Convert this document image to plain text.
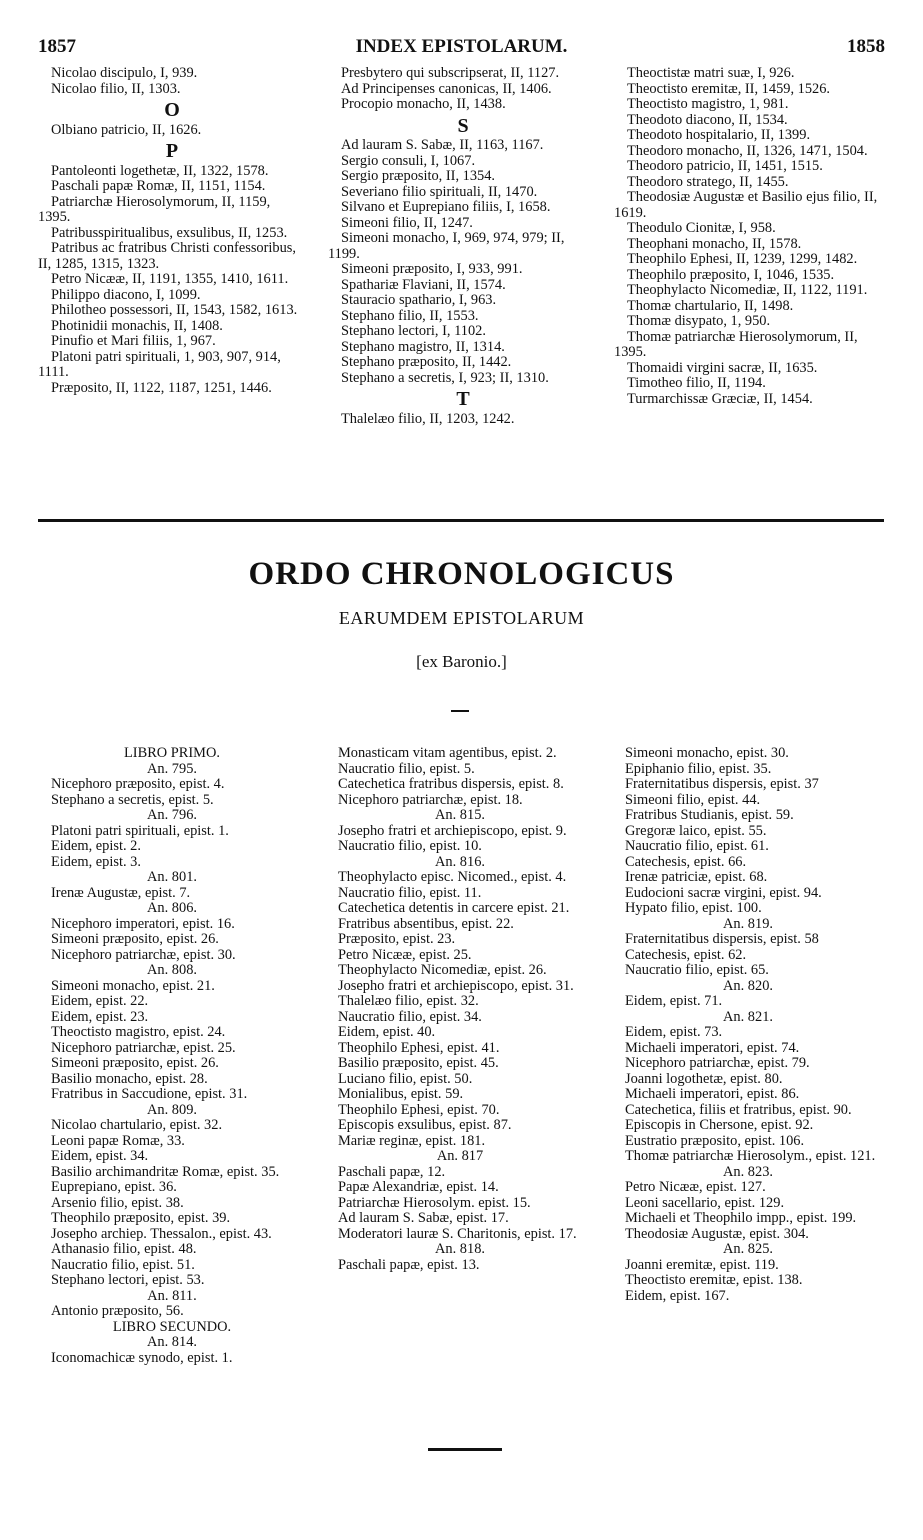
1857	INDEX EPISTOLARUM.	1858

Nicolao discipulo, I, 939.

Nicolao filio, II, 1303.

O

Olbiano patricio, II, 1626.

P

Pantoleonti logethetæ, II, 1322, 1578.

Paschali papæ Romæ, II, 1151, 1154.

Patriarchæ Hierosolymorum, II, 1159, 1395.

Patribusspiritualibus, exsulibus, II, 1253.

Patribus ac fratribus Christi confessoribus, II, 1285, 1315, 1323.

Petro Nicææ, II, 1191, 1355, 1410, 1611.

Philippo diacono, I, 1099.

Philotheo possessori, II, 1543, 1582, 1613.

Photinidii monachis, II, 1408.

Pinufio et Mari filiis, 1, 967.

Platoni patri spirituali, 1, 903, 907, 914, 1111.

Præposito, II, 1122, 1187, 1251, 1446.

Presbytero qui subscripserat, II, 1127.

Ad Principenses canonicas, II, 1406.

Procopio monacho, II, 1438.

S

Ad lauram S. Sabæ, II, 1163, 1167.

Sergio consuli, I, 1067.

Sergio præposito, II, 1354.

Severiano filio spirituali, II, 1470.

Silvano et Euprepiano filiis, I, 1658.

Simeoni filio, II, 1247.

Simeoni monacho, I, 969, 974, 979; II, 1199.

Simeoni præposito, I, 933, 991.

Spathariæ Flaviani, II, 1574.

Stauracio spathario, I, 963.

Stephano filio, II, 1553.

Stephano lectori, I, 1102.

Stephano magistro, II, 1314.

Stephano præposito, II, 1442.

Stephano a secretis, I, 923; II, 1310.

T

Thalelæo filio, II, 1203, 1242.

Theoctistæ matri suæ, I, 926.

Theoctisto eremitæ, II, 1459, 1526.

Theoctisto magistro, 1, 981.

Theodoto diacono, II, 1534.

Theodoto hospitalario, II, 1399.

Theodoro monacho, II, 1326, 1471, 1504.

Theodoro patricio, II, 1451, 1515.

Theodoro stratego, II, 1455.

Theodosiæ Augustæ et Basilio ejus filio, II, 1619.

Theodulo Cionitæ, I, 958.

Theophani monacho, II, 1578.

Theophilo Ephesi, II, 1239, 1299, 1482.

Theophilo præposito, I, 1046, 1535.

Theophylacto Nicomediæ, II, 1122, 1191.

Thomæ chartulario, II, 1498.

Thomæ disypato, 1, 950.

Thomæ patriarchæ Hierosolymorum, II, 1395.

Thomaidi virgini sacræ, II, 1635.

Timotheo filio, II, 1194.

Turmarchissæ Græciæ, II, 1454.

ORDO CHRONOLOGICUS
EARUMDEM EPISTOLARUM
[ex Baronio.]

LIBRO PRIMO.

An. 795.

Nicephoro præposito, epist. 4.

Stephano a secretis, epist. 5.

An. 796.

Platoni patri spirituali, epist. 1.

Eidem, epist. 2.

Eidem, epist. 3.

An. 801.

Irenæ Augustæ, epist. 7.

An. 806.

Nicephoro imperatori, epist. 16.

Simeoni præposito, epist. 26.

Nicephoro patriarchæ, epist. 30.

An. 808.

Simeoni monacho, epist. 21.

Eidem, epist. 22.

Eidem, epist. 23.

Theoctisto magistro, epist. 24.

Nicephoro patriarchæ, epist. 25.

Simeoni præposito, epist. 26.

Basilio monacho, epist. 28.

Fratribus in Saccudione, epist. 31.

An. 809.

Nicolao chartulario, epist. 32.

Leoni papæ Romæ, 33.

Eidem, epist. 34.

Basilio archimandritæ Romæ, epist. 35.

Euprepiano, epist. 36.

Arsenio filio, epist. 38.

Theophilo præposito, epist. 39.

Josepho archiep. Thessalon., epist. 43.

Athanasio filio, epist. 48.

Naucratio filio, epist. 51.

Stephano lectori, epist. 53.

An. 811.

Antonio præposito, 56.

LIBRO SECUNDO.

An. 814.

Iconomachicæ synodo, epist. 1.

Monasticam vitam agentibus, epist. 2.

Naucratio filio, epist. 5.

Catechetica fratribus dispersis, epist. 8.

Nicephoro patriarchæ, epist. 18.

An. 815.

Josepho fratri et archiepiscopo, epist. 9.

Naucratio filio, epist. 10.

An. 816.

Theophylacto episc. Nicomed., epist. 4.

Naucratio filio, epist. 11.

Catechetica detentis in carcere epist. 21.

Fratribus absentibus, epist. 22.

Præposito, epist. 23.

Petro Nicææ, epist. 25.

Theophylacto Nicomediæ, epist. 26.

Josepho fratri et archiepiscopo, epist. 31.

Thalelæo filio, epist. 32.

Naucratio filio, epist. 34.

Eidem, epist. 40.

Theophilo Ephesi, epist. 41.

Basilio præposito, epist. 45.

Luciano filio, epist. 50.

Monialibus, epist. 59.

Theophilo Ephesi, epist. 70.

Episcopis exsulibus, epist. 87.

Mariæ reginæ, epist. 181.

An. 817

Paschali papæ, 12.

Papæ Alexandriæ, epist. 14.

Patriarchæ Hierosolym. epist. 15.

Ad lauram S. Sabæ, epist. 17.

Moderatori lauræ S. Charitonis, epist. 17.

An. 818.

Paschali papæ, epist. 13.

Simeoni monacho, epist. 30.

Epiphanio filio, epist. 35.

Fraternitatibus dispersis, epist. 37

Simeoni filio, epist. 44.

Fratribus Studianis, epist. 59.

Gregoræ laico, epist. 55.

Naucratio filio, epist. 61.

Catechesis, epist. 66.

Irenæ patriciæ, epist. 68.

Eudocioni sacræ virgini, epist. 94.

Hypato filio, epist. 100.

An. 819.

Fraternitatibus dispersis, epist. 58

Catechesis, epist. 62.

Naucratio filio, epist. 65.

An. 820.

Eidem, epist. 71.

An. 821.

Eidem, epist. 73.

Michaeli imperatori, epist. 74.

Nicephoro patriarchæ, epist. 79.

Joanni logothetæ, epist. 80.

Michaeli imperatori, epist. 86.

Catechetica, filiis et fratribus, epist. 90.

Episcopis in Chersone, epist. 92.

Eustratio præposito, epist. 106.

Thomæ patriarchæ Hierosolym., epist. 121.

An. 823.

Petro Nicææ, epist. 127.

Leoni sacellario, epist. 129.

Michaeli et Theophilo impp., epist. 199.

Theodosiæ Augustæ, epist. 304.

An. 825.

Joanni eremitæ, epist. 119.

Theoctisto eremitæ, epist. 138.

Eidem, epist. 167.
